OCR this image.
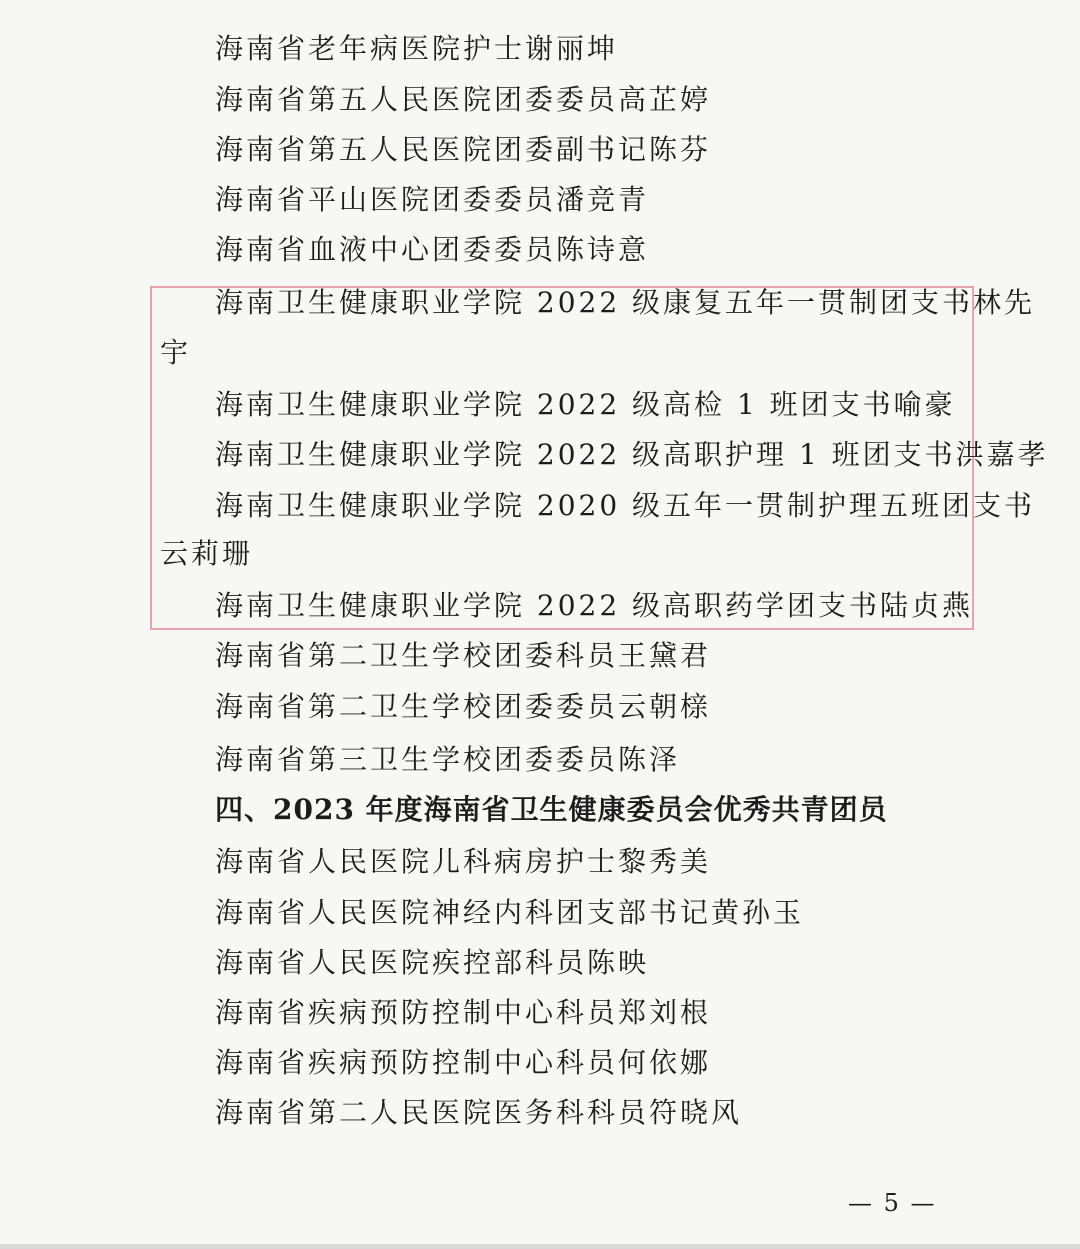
海南省老年病医院护士谢丽坤
海南省第五人民医院团委委员高芷婷
海南省第五人民医院团委副书记陈芬
海南省平山医院团委委员潘竞青
海南省血液中心团委委员陈诗意
海南卫生健康职业学院 2022 级康复五年一贯制团支书林先
宇
海南卫生健康职业学院 2022 级高检 1 班团支书喻豪
海南卫生健康职业学院 2022 级高职护理 1 班团支书洪嘉孝
海南卫生健康职业学院 2020 级五年一贯制护理五班团支书
云莉珊
海南卫生健康职业学院 2022 级高职药学团支书陆贞燕
海南省第二卫生学校团委科员王黛君
海南省第二卫生学校团委委员云朝榇
海南省第三卫生学校团委委员陈泽
四、2023 年度海南省卫生健康委员会优秀共青团员
海南省人民医院儿科病房护士黎秀美
海南省人民医院神经内科团支部书记黄孙玉
海南省人民医院疾控部科员陈映
海南省疾病预防控制中心科员郑刘根
海南省疾病预防控制中心科员何依娜
海南省第二人民医院医务科科员符晓风
— 5 —
